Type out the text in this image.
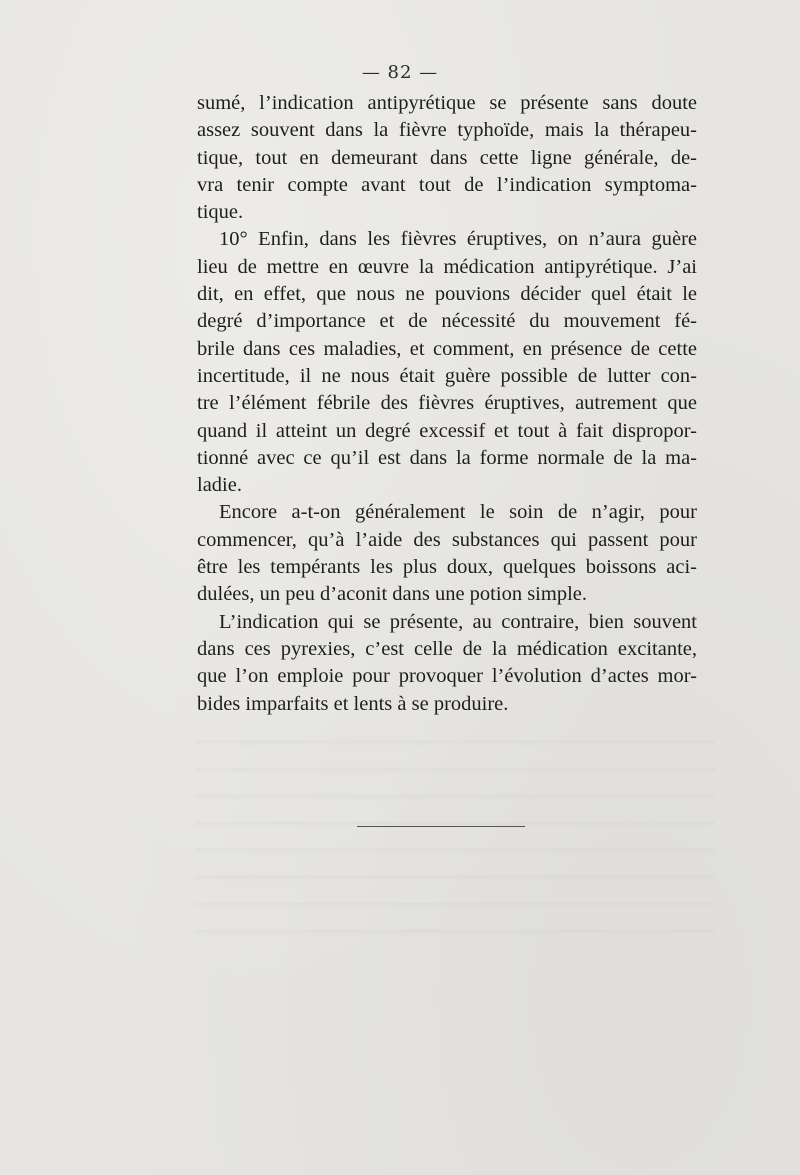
— 82 —
sumé, l’indication antipyrétique se présente sans doute
assez souvent dans la fièvre typhoïde, mais la thérapeu-
tique, tout en demeurant dans cette ligne générale, de-
vra tenir compte avant tout de l’indication symptoma-
tique.
10° Enfin, dans les fièvres éruptives, on n’aura guère
lieu de mettre en œuvre la médication antipyrétique. J’ai
dit, en effet, que nous ne pouvions décider quel était le
degré d’importance et de nécessité du mouvement fé-
brile dans ces maladies, et comment, en présence de cette
incertitude, il ne nous était guère possible de lutter con-
tre l’élément fébrile des fièvres éruptives, autrement que
quand il atteint un degré excessif et tout à fait dispropor-
tionné avec ce qu’il est dans la forme normale de la ma-
ladie.
Encore a-t-on généralement le soin de n’agir, pour
commencer, qu’à l’aide des substances qui passent pour
être les tempérants les plus doux, quelques boissons aci-
dulées, un peu d’aconit dans une potion simple.
L’indication qui se présente, au contraire, bien souvent
dans ces pyrexies, c’est celle de la médication excitante,
que l’on emploie pour provoquer l’évolution d’actes mor-
bides imparfaits et lents à se produire.
